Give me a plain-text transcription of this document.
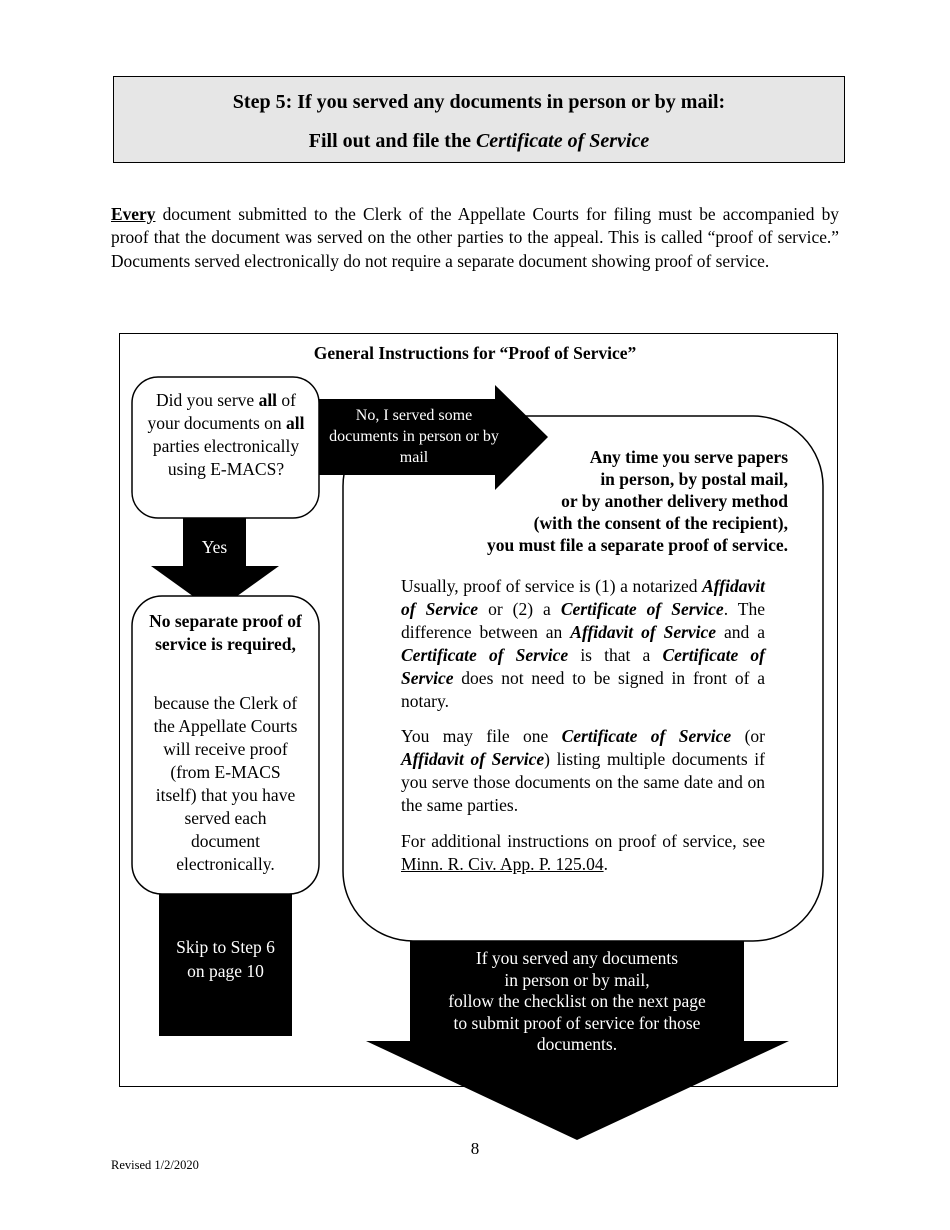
Step 5: If you served any documents in person or by mail:
Fill out and file the Certificate of Service
Every document submitted to the Clerk of the Appellate Courts for filing must be accompanied by proof that the document was served on the other parties to the appeal. This is called “proof of service.” Documents served electronically do not require a separate document showing proof of service.
General Instructions for “Proof of Service”
Did you serve all of your documents on all parties electronically using E-MACS?
No, I served some documents in person or by mail
Yes
No separate proof of service is required,
because the Clerk of the Appellate Courts will receive proof (from E-MACS itself) that you have served each document electronically.
Skip to Step 6 on page 10
Any time you serve papers
in person, by postal mail,
or by another delivery method
(with the consent of the recipient),
you must file a separate proof of service.
Usually, proof of service is (1) a notarized Affidavit of Service or (2) a Certificate of Service. The difference between an Affidavit of Service and a Certificate of Service is that a Certificate of Service does not need to be signed in front of a notary.
You may file one Certificate of Service (or Affidavit of Service) listing multiple documents if you serve those documents on the same date and on the same parties.
For additional instructions on proof of service, see Minn. R. Civ. App. P. 125.04.
If you served any documents
in person or by mail,
follow the checklist on the next page
to submit proof of service for those
documents.
8
Revised 1/2/2020
